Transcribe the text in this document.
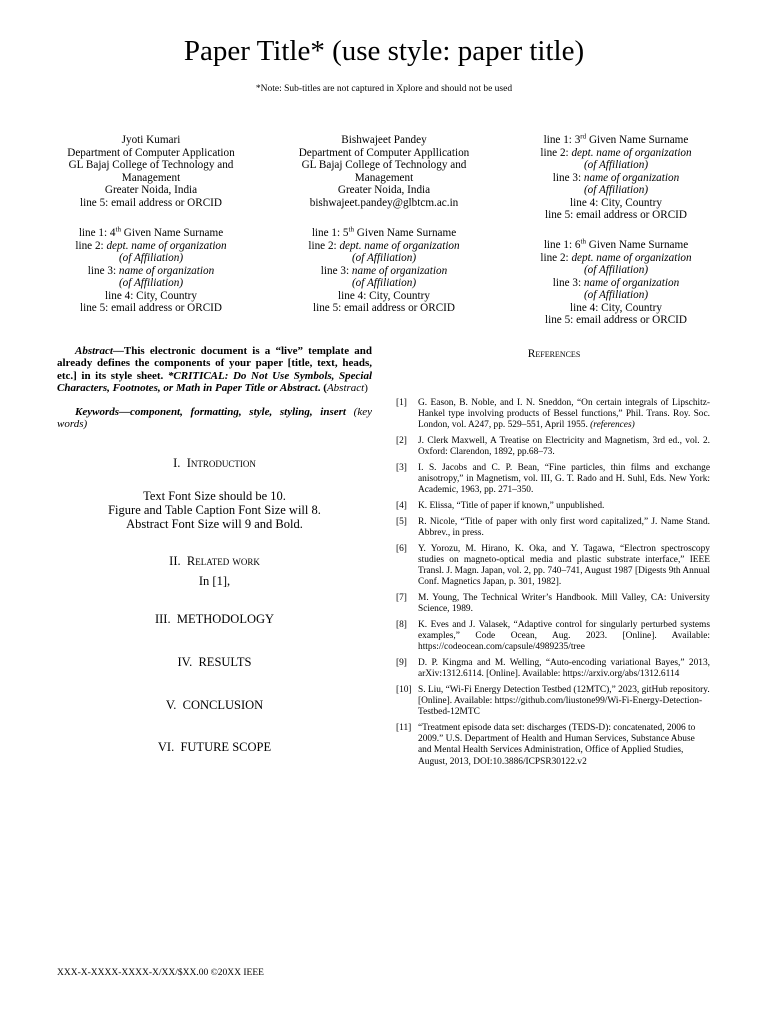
Paper Title* (use style: paper title)
*Note: Sub-titles are not captured in Xplore and should not be used
Jyoti Kumari
Department of Computer Application
GL Bajaj College of Technology and
Management
Greater Noida, India
line 5: email address or ORCID
Bishwajeet Pandey
Department of Computer Appllication
GL Bajaj College of Technology and
Management
Greater Noida, India
bishwajeet.pandey@glbtcm.ac.in
line 1: 3rd Given Name Surname
line 2: dept. name of organization
(of Affiliation)
line 3: name of organization
(of Affiliation)
line 4: City, Country
line 5: email address or ORCID
line 1: 4th Given Name Surname
line 2: dept. name of organization
(of Affiliation)
line 3: name of organization
(of Affiliation)
line 4: City, Country
line 5: email address or ORCID
line 1: 5th Given Name Surname
line 2: dept. name of organization
(of Affiliation)
line 3: name of organization
(of Affiliation)
line 4: City, Country
line 5: email address or ORCID
line 1: 6th Given Name Surname
line 2: dept. name of organization
(of Affiliation)
line 3: name of organization
(of Affiliation)
line 4: City, Country
line 5: email address or ORCID

Abstract—This electronic document is a “live” template and already defines the components of your paper [title, text, heads, etc.] in its style sheet. *CRITICAL: Do Not Use Symbols, Special Characters, Footnotes, or Math in Paper Title or Abstract. (Abstract)

Keywords—component, formatting, style, styling, insert (key words)

I. Introduction
Text Font Size should be 10.
Figure and Table Caption Font Size will 8.
Abstract Font Size will 9 and Bold.
II. Related work
In [1],
III. METHODOLOGY
IV. RESULTS
V. CONCLUSION
VI. FUTURE SCOPE
References
[1] G. Eason, B. Noble, and I. N. Sneddon, “On certain integrals of Lipschitz-Hankel type involving products of Bessel functions,” Phil. Trans. Roy. Soc. London, vol. A247, pp. 529–551, April 1955. (references)
[2] J. Clerk Maxwell, A Treatise on Electricity and Magnetism, 3rd ed., vol. 2. Oxford: Clarendon, 1892, pp.68–73.
[3] I. S. Jacobs and C. P. Bean, “Fine particles, thin films and exchange anisotropy,” in Magnetism, vol. III, G. T. Rado and H. Suhl, Eds. New York: Academic, 1963, pp. 271–350.
[4] K. Elissa, “Title of paper if known,” unpublished.
[5] R. Nicole, “Title of paper with only first word capitalized,” J. Name Stand. Abbrev., in press.
[6] Y. Yorozu, M. Hirano, K. Oka, and Y. Tagawa, “Electron spectroscopy studies on magneto-optical media and plastic substrate interface,” IEEE Transl. J. Magn. Japan, vol. 2, pp. 740–741, August 1987 [Digests 9th Annual Conf. Magnetics Japan, p. 301, 1982].
[7] M. Young, The Technical Writer’s Handbook. Mill Valley, CA: University Science, 1989.
[8] K. Eves and J. Valasek, “Adaptive control for singularly perturbed systems examples,” Code Ocean, Aug. 2023. [Online]. Available: https://codeocean.com/capsule/4989235/tree
[9] D. P. Kingma and M. Welling, “Auto-encoding variational Bayes,” 2013, arXiv:1312.6114. [Online]. Available: https://arxiv.org/abs/1312.6114
[10] S. Liu, “Wi-Fi Energy Detection Testbed (12MTC),” 2023, gitHub repository. [Online]. Available: https://github.com/liustone99/Wi-Fi-Energy-Detection-Testbed-12MTC
[11] “Treatment episode data set: discharges (TEDS-D): concatenated, 2006 to 2009.” U.S. Department of Health and Human Services, Substance Abuse and Mental Health Services Administration, Office of Applied Studies, August, 2013, DOI:10.3886/ICPSR30122.v2
XXX-X-XXXX-XXXX-X/XX/$XX.00 ©20XX IEEE
